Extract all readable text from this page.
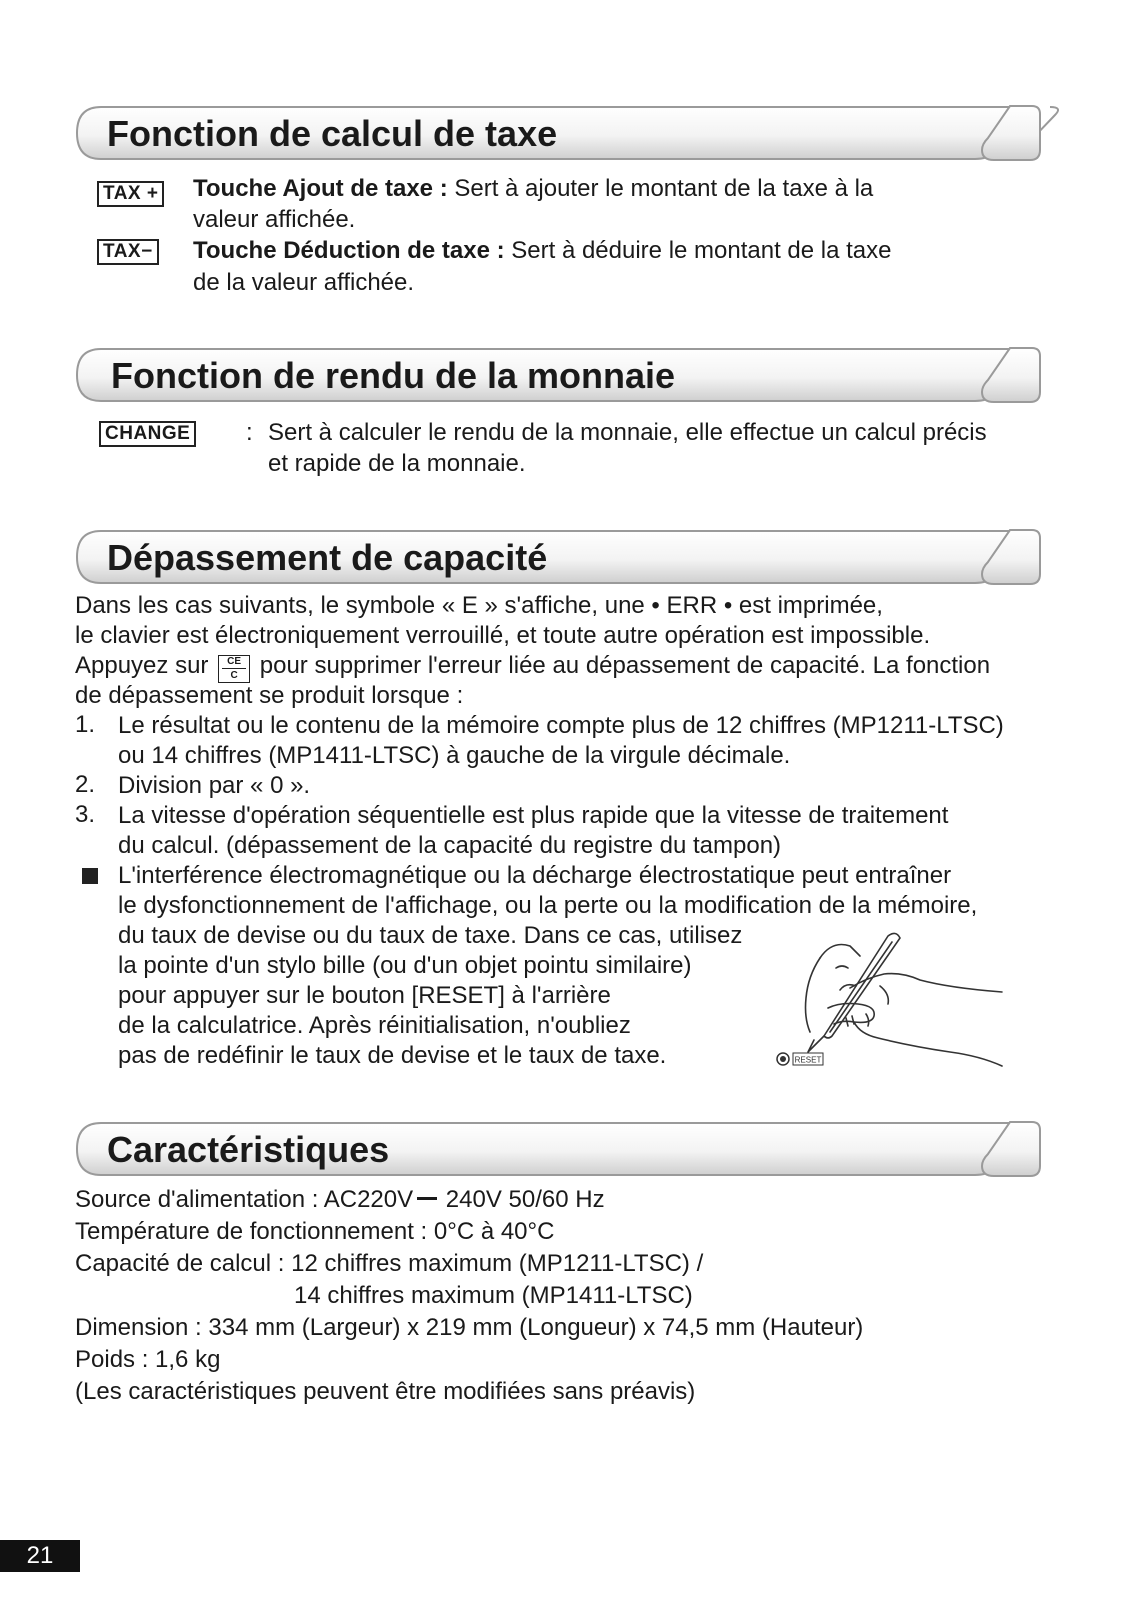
Fonction de calcul de taxe
TAX + Touche Ajout de taxe : Sert à ajouter le montant de la taxe à la
valeur affichée.
TAX− Touche Déduction de taxe : Sert à déduire le montant de la taxe
de la valeur affichée.
Fonction de rendu de la monnaie
CHANGE : Sert à calculer le rendu de la monnaie, elle effectue un calcul précis
et rapide de la monnaie.
Dépassement de capacité
Dans les cas suivants, le symbole « E » s'affiche, une • ERR • est imprimée,
le clavier est électroniquement verrouillé, et toute autre opération est impossible.
Appuyez sur $\frac{CE}{C}$ pour supprimer l'erreur liée au dépassement de capacité. La fonction
de dépassement se produit lorsque :
1. Le résultat ou le contenu de la mémoire compte plus de 12 chiffres (MP1211-LTSC)
ou 14 chiffres (MP1411-LTSC) à gauche de la virgule décimale.
2. Division par « 0 ».
3. La vitesse d'opération séquentielle est plus rapide que la vitesse de traitement
du calcul. (dépassement de la capacité du registre du tampon)
L'interférence électromagnétique ou la décharge électrostatique peut entraîner
le dysfonctionnement de l'affichage, ou la perte ou la modification de la mémoire,
du taux de devise ou du taux de taxe. Dans ce cas, utilisez
la pointe d'un stylo bille (ou d'un objet pointu similaire)
pour appuyer sur le bouton [RESET] à l'arrière
de la calculatrice. Après réinitialisation, n'oubliez
pas de redéfinir le taux de devise et le taux de taxe.	RESET
Caractéristiques
Source d'alimentation : AC220V 240V 50/60 Hz
Température de fonctionnement : 0°C à 40°C
Capacité de calcul : 12 chiffres maximum (MP1211-LTSC) /
14 chiffres maximum (MP1411-LTSC)
Dimension : 334 mm (Largeur) x 219 mm (Longueur) x 74,5 mm (Hauteur)
Poids : 1,6 kg
(Les caractéristiques peuvent être modifiées sans préavis)
21
